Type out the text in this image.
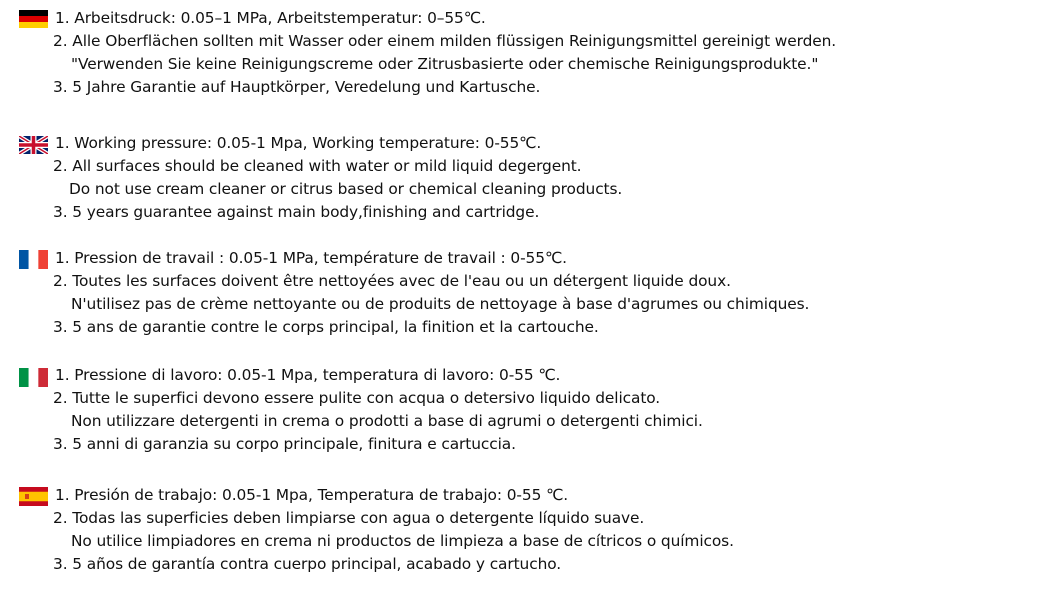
1. Arbeitsdruck: 0.05–1 MPa, Arbeitstemperatur: 0–55℃.
2. Alle Oberflächen sollten mit Wasser oder einem milden flüssigen Reinigungsmittel gereinigt werden.
"Verwenden Sie keine Reinigungscreme oder Zitrusbasierte oder chemische Reinigungsprodukte."
3. 5 Jahre Garantie auf Hauptkörper, Veredelung und Kartusche.
1. Working pressure: 0.05-1 Mpa, Working temperature: 0-55℃.
2. All surfaces should be cleaned with water or mild liquid degergent.
Do not use cream cleaner or citrus based or chemical cleaning products.
3. 5 years guarantee against main body,finishing and cartridge.
1. Pression de travail : 0.05-1 MPa, température de travail : 0-55℃.
2. Toutes les surfaces doivent être nettoyées avec de l'eau ou un détergent liquide doux.
N'utilisez pas de crème nettoyante ou de produits de nettoyage à base d'agrumes ou chimiques.
3. 5 ans de garantie contre le corps principal, la finition et la cartouche.
1. Pressione di lavoro: 0.05-1 Mpa, temperatura di lavoro: 0-55 ℃.
2. Tutte le superfici devono essere pulite con acqua o detersivo liquido delicato.
Non utilizzare detergenti in crema o prodotti a base di agrumi o detergenti chimici.
3. 5 anni di garanzia su corpo principale, finitura e cartuccia.
1. Presión de trabajo: 0.05-1 Mpa, Temperatura de trabajo: 0-55 ℃.
2. Todas las superficies deben limpiarse con agua o detergente líquido suave.
No utilice limpiadores en crema ni productos de limpieza a base de cítricos o químicos.
3. 5 años de garantía contra cuerpo principal, acabado y cartucho.
